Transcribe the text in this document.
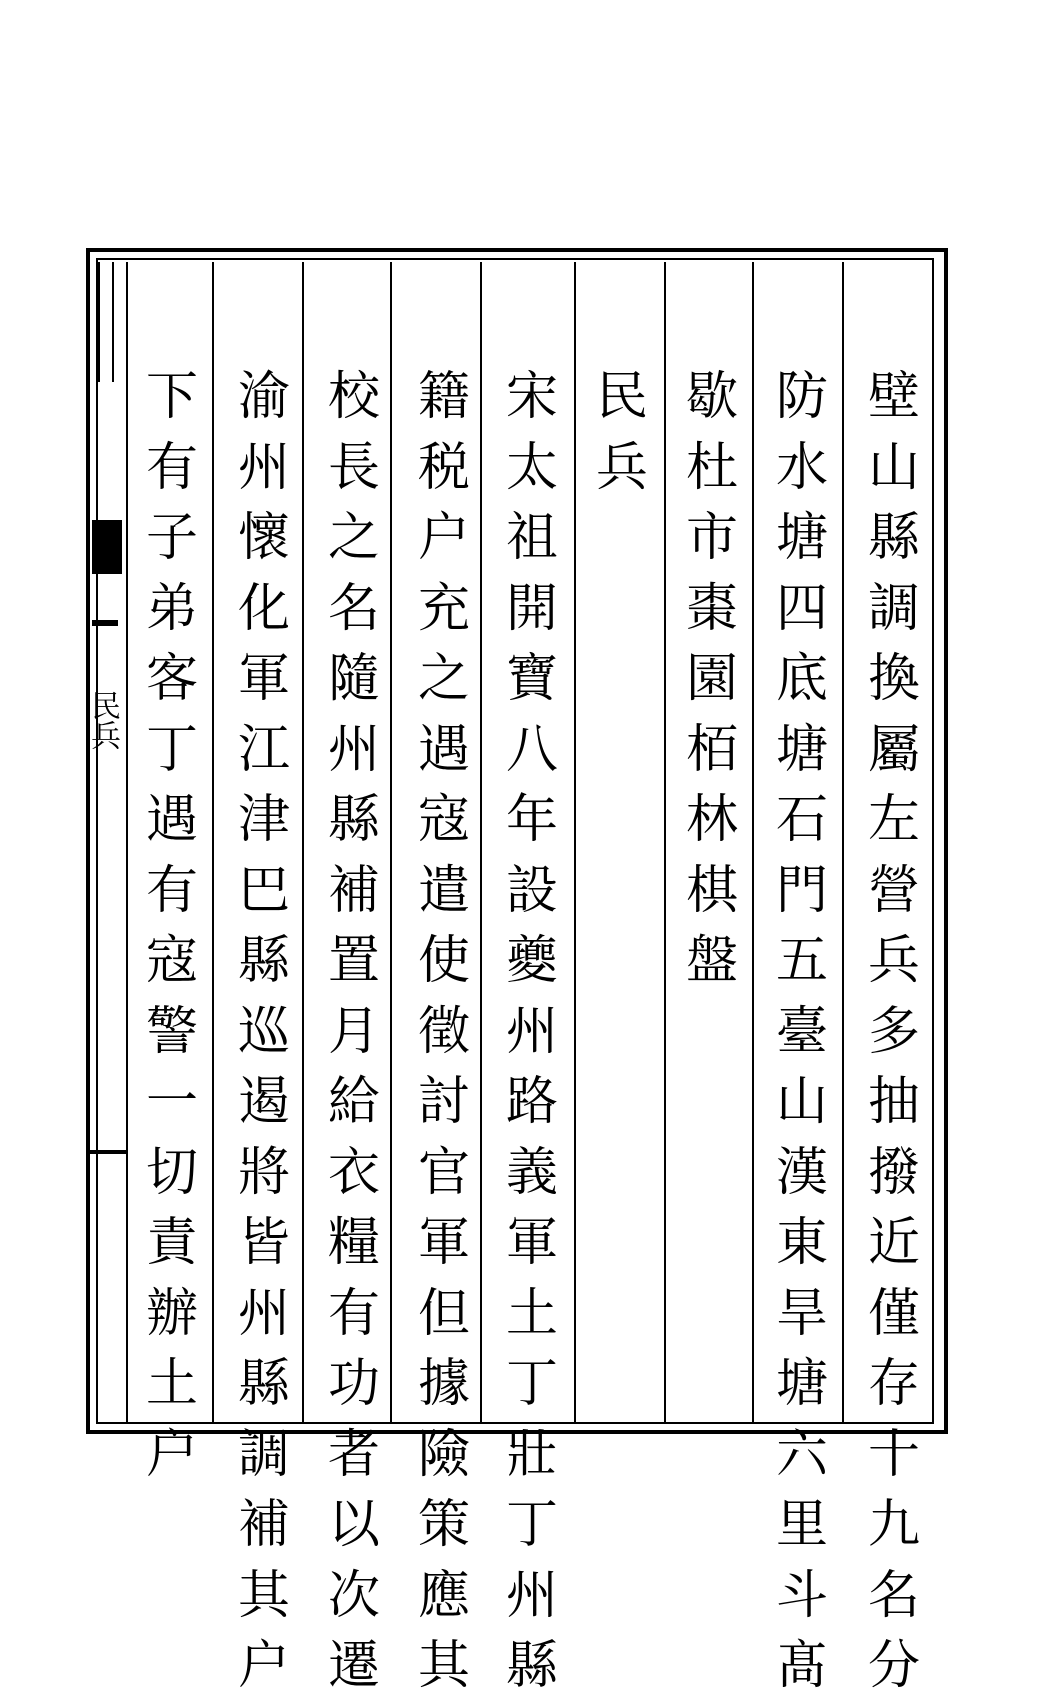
民兵
壁
山
縣
調
換
屬
左
營
兵
多
抽
撥
近
僅
存
十
九
名
分
防
水
塘
四
底
塘
石
門
五
臺
山
漢
東
旱
塘
六
里
斗
髙
歇
杜
市
棗
園
栢
林
棋
盤
民
兵
宋
太
祖
開
寶
八
年
設
夔
州
路
義
軍
土
丁
壯
丁
州
縣
籍
税
户
充
之
遇
寇
遣
使
徵
討
官
軍
但
據
險
策
應
其
校
長
之
名
隨
州
縣
補
置
月
給
衣
糧
有
功
者
以
次
遷
渝
州
懷
化
軍
江
津
巴
縣
巡
遏
將
皆
州
縣
調
補
其
户
下
有
子
弟
客
丁
遇
有
寇
警
一
切
責
辦
土
户
